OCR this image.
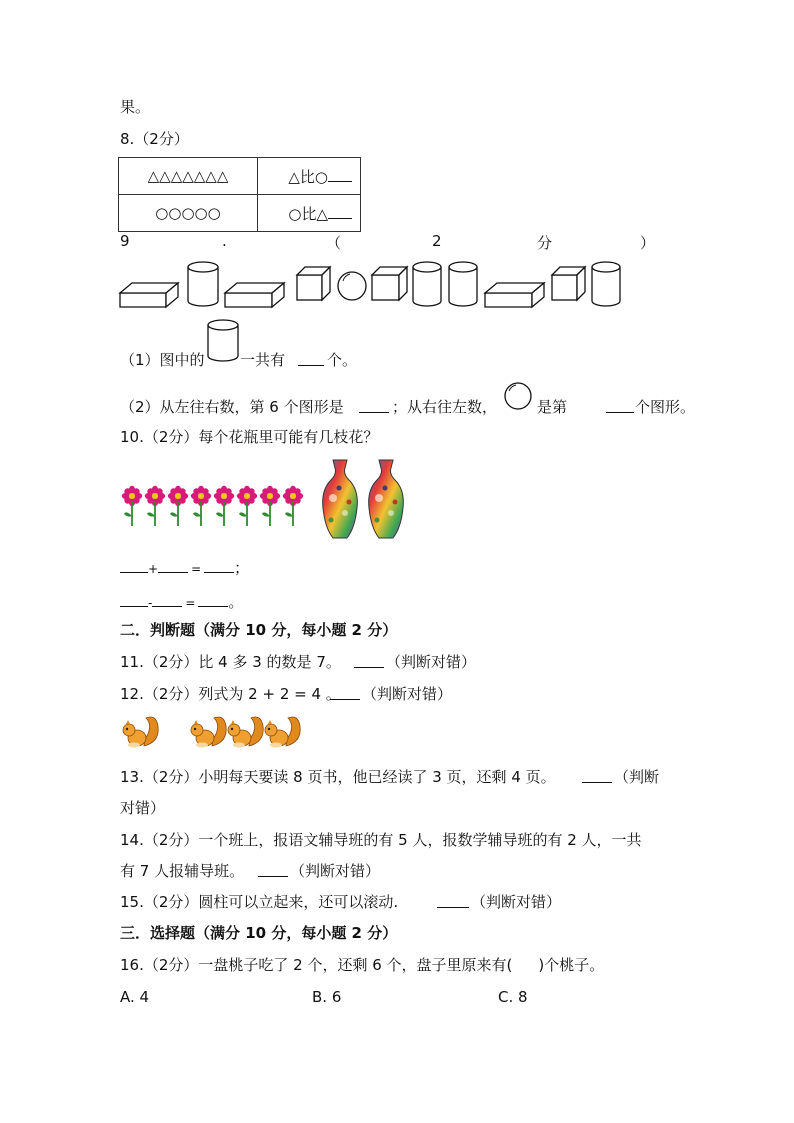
果。
8.（2分）
△△△△△△△	△比○
○○○○○	○比△
9	.	（	2	分	）
（1）图中的 一共有	个。
（2）从左往右数，第 6 个图形是	；从右往左数，	是第	个图形。
10.（2分）每个花瓶里可能有几枝花？
+	= ；
-	= 。
二．判断题（满分 10 分，每小题 2 分）
11.（2分）比 4 多 3 的数是 7。	（判断对错）
12.（2分）列式为 2 + 2 = 4 。 （判断对错）
13.（2分）小明每天要读 8 页书，他已经读了 3 页，还剩 4 页。	（判断
对错）
14.（2分）一个班上，报语文辅导班的有 5 人，报数学辅导班的有 2 人，一共
有 7 人报辅导班。	（判断对错）
15.（2分）圆柱可以立起来，还可以滚动.	（判断对错）
三．选择题（满分 10 分，每小题 2 分）
16.（2分）一盘桃子吃了 2 个，还剩 6 个，盘子里原来有( )个桃子。
A. 4	B. 6	C. 8
